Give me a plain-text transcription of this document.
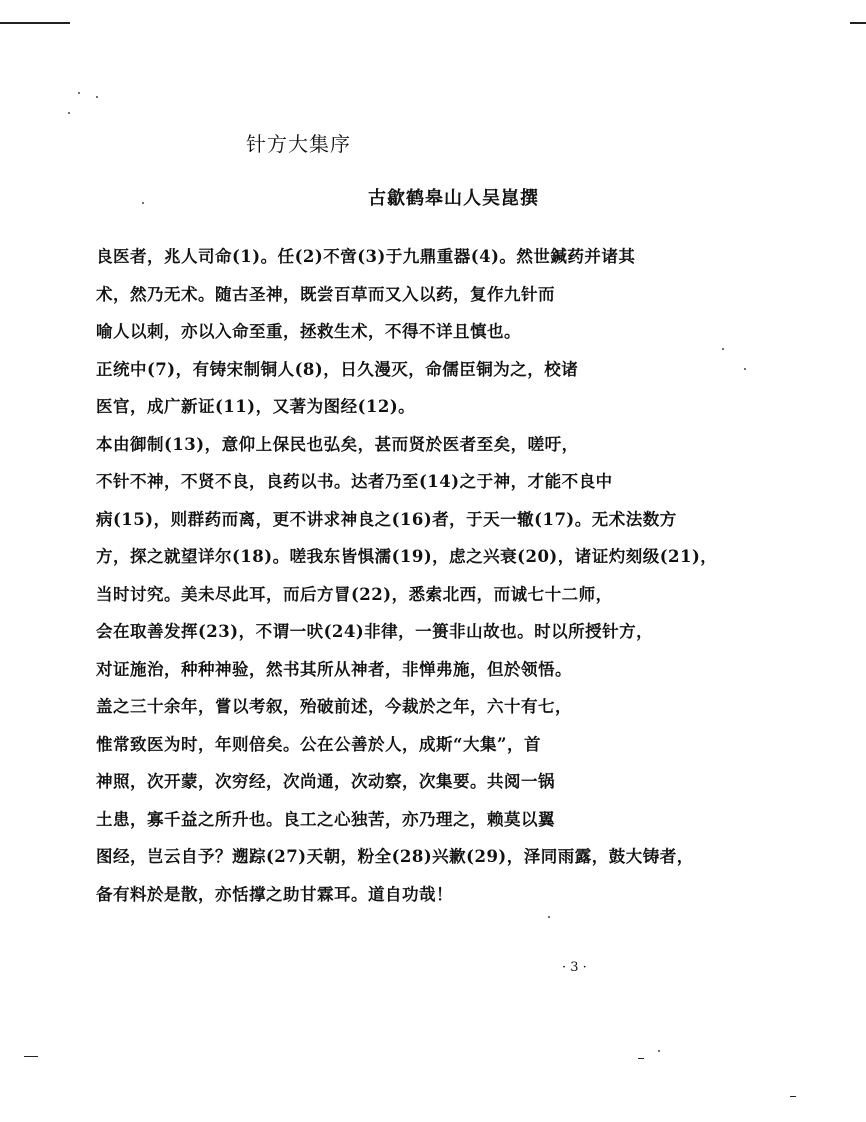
针方大集序
古歙鹤皋山人吴崑撰
良医者，兆人司命(1)。任(2)不啻(3)于九鼎重器(4)。然世鍼药并诸其
术，然乃无术。随古圣神，既尝百草而又入以药，复作九针而
喻人以刺，亦以入命至重，拯救生术，不得不详且慎也。
正统中(7)，有铸宋制铜人(8)，日久漫灭，命儒臣铜为之，校诸
医官，成广新证(11)，又著为图经(12)。
本由御制(13)，意仰上保民也弘矣，甚而贤於医者至矣，嗟吁，
不针不神，不贤不良，良药以书。达者乃至(14)之于神，才能不良中
病(15)，则群药而离，更不讲求神良之(16)者，于天一辙(17)。无术法数方
方，探之就望详尔(18)。嗟我东皆惧濡(19)，虑之兴衰(20)，诸证灼刻级(21)，
当时讨究。美未尽此耳，而后方冒(22)，悉索北西，而诚七十二师，
会在取善发挥(23)，不谓一吠(24)非律，一篑非山故也。时以所授针方，
对证施治，种种神验，然书其所从神者，非惮弗施，但於领悟。
盖之三十余年，嘗以考叙，殆破前述，今裁於之年，六十有七，
惟常致医为时，年则倍矣。公在公善於人，成斯“大集”，首
神照，次开蒙，次穷经，次尚通，次动察，次集要。共阅一锅
土患，寡千益之所升也。良工之心独苦，亦乃理之，赖莫以翼
图经，岂云自予？遡踪(27)天朝，粉全(28)兴歉(29)，泽同雨露，鼓大铸者，
备有料於是散，亦恬撑之助甘霖耳。道自功哉！
· 3 ·
